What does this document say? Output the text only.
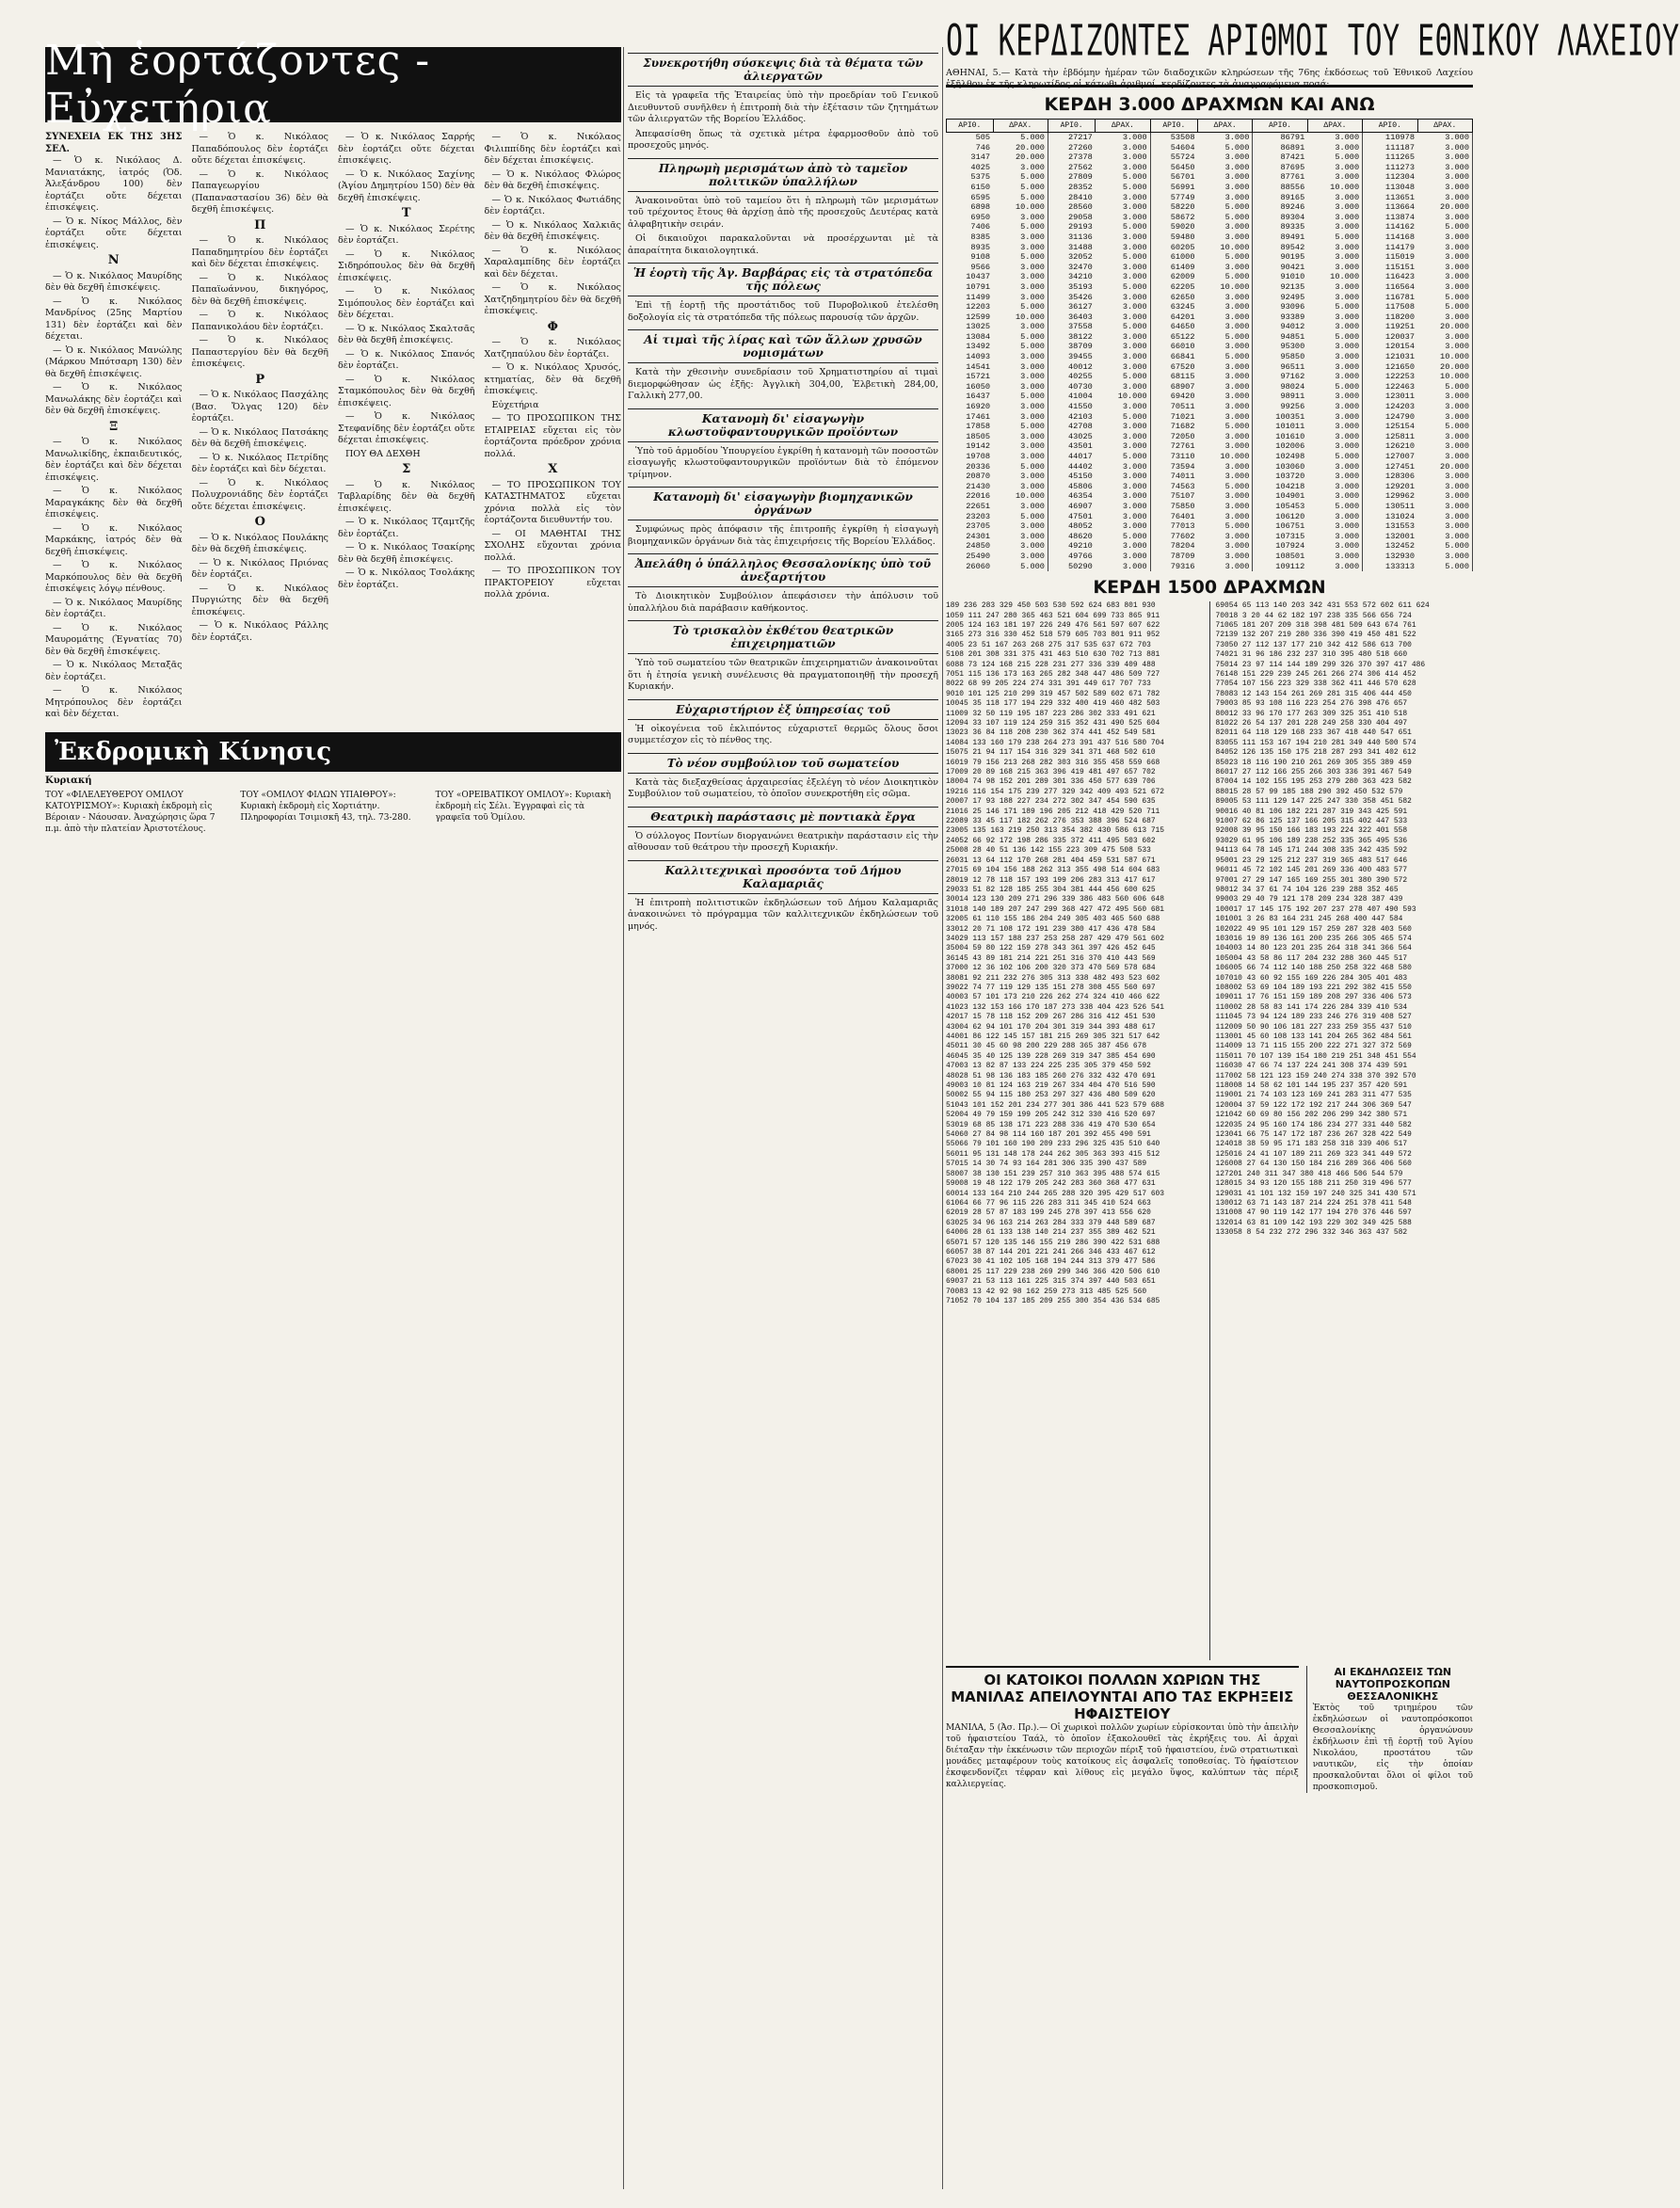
Μὴ ἑορτάζοντες - Εὐχετήρια
ΣΥΝΕΧΕΙΑ ΕΚ ΤΗΣ 3ΗΣ ΣΕΛ.

— Ὁ κ. Νικόλαος Δ. Μανιατάκης, ἰατρός (Ὁδ. Ἀλεξάνδρου 100) δὲν ἑορτάζει οὔτε δέχεται ἐπισκέψεις.

— Ὁ κ. Νίκος Μάλλος, δὲν ἑορτάζει οὔτε δέχεται ἐπισκέψεις.

Ν

— Ὁ κ. Νικόλαος Μαυρίδης δὲν θὰ δεχθῆ ἐπισκέψεις.

— Ὁ κ. Νικόλαος Μανδρίνος (25ης Μαρτίου 131) δὲν ἑορτάζει καὶ δὲν δέχεται.

— Ὁ κ. Νικόλαος Μανώλης (Μάρκου Μπότσαρη 130) δὲν θὰ δεχθῆ ἐπισκέψεις.

— Ὁ κ. Νικόλαος Μανωλάκης δὲν ἑορτάζει καὶ δὲν θὰ δεχθῆ ἐπισκέψεις.

Ξ

— Ὁ κ. Νικόλαος Μανωλικίδης, ἐκπαιδευτικός, δὲν ἑορτάζει καὶ δὲν δέχεται ἐπισκέψεις.

— Ὁ κ. Νικόλαος Μαραγκάκης δὲν θὰ δεχθῆ ἐπισκέψεις.

— Ὁ κ. Νικόλαος Μαρκάκης, ἰατρός δὲν θὰ δεχθῆ ἐπισκέψεις.

— Ὁ κ. Νικόλαος Μαρκόπουλος δὲν θὰ δεχθῆ ἐπισκέψεις λόγῳ πένθους.

— Ὁ κ. Νικόλαος Μαυρίδης δὲν ἑορτάζει.

— Ὁ κ. Νικόλαος Μαυρομάτης (Ἐγνατίας 70) δὲν θὰ δεχθῆ ἐπισκέψεις.

— Ὁ κ. Νικόλαος Μεταξᾶς δὲν ἑορτάζει.

— Ὁ κ. Νικόλαος Μητρόπουλος δὲν ἑορτάζει καὶ δὲν δέχεται.

— Ὁ κ. Νικόλαος Παπαδόπουλος δὲν ἑορτάζει οὔτε δέχεται ἐπισκέψεις.

— Ὁ κ. Νικόλαος Παπαγεωργίου (Παπαναστασίου 36) δὲν θὰ δεχθῆ ἐπισκέψεις.

Π

— Ὁ κ. Νικόλαος Παπαδημητρίου δὲν ἑορτάζει καὶ δὲν δέχεται ἐπισκέψεις.

— Ὁ κ. Νικόλαος Παπαϊωάννου, δικηγόρος, δὲν θὰ δεχθῆ ἐπισκέψεις.

— Ὁ κ. Νικόλαος Παπανικολάου δὲν ἑορτάζει.

— Ὁ κ. Νικόλαος Παπαστεργίου δὲν θὰ δεχθῆ ἐπισκέψεις.

Ρ

— Ὁ κ. Νικόλαος Πασχάλης (Βασ. Ὄλγας 120) δὲν ἑορτάζει.

— Ὁ κ. Νικόλαος Πατσάκης δὲν θὰ δεχθῆ ἐπισκέψεις.

— Ὁ κ. Νικόλαος Πετρίδης δὲν ἑορτάζει καὶ δὲν δέχεται.

— Ὁ κ. Νικόλαος Πολυχρονιάδης δὲν ἑορτάζει οὔτε δέχεται ἐπισκέψεις.

Ο

— Ὁ κ. Νικόλαος Πουλάκης δὲν θὰ δεχθῆ ἐπισκέψεις.

— Ὁ κ. Νικόλαος Πριόνας δὲν ἑορτάζει.

— Ὁ κ. Νικόλαος Πυργιώτης δὲν θὰ δεχθῆ ἐπισκέψεις.

— Ὁ κ. Νικόλαος Ράλλης δὲν ἑορτάζει.

— Ὁ κ. Νικόλαος Σαρρής δὲν ἑορτάζει οὔτε δέχεται ἐπισκέψεις.

— Ὁ κ. Νικόλαος Σαχίνης (Ἁγίου Δημητρίου 150) δὲν θὰ δεχθῆ ἐπισκέψεις.

Τ

— Ὁ κ. Νικόλαος Σερέτης δὲν ἑορτάζει.

— Ὁ κ. Νικόλαος Σιδηρόπουλος δὲν θὰ δεχθῆ ἐπισκέψεις.

— Ὁ κ. Νικόλαος Σιμόπουλος δὲν ἑορτάζει καὶ δὲν δέχεται.

— Ὁ κ. Νικόλαος Σκαλτσᾶς δὲν θὰ δεχθῆ ἐπισκέψεις.

— Ὁ κ. Νικόλαος Σπανός δὲν ἑορτάζει.

— Ὁ κ. Νικόλαος Σταμκόπουλος δὲν θὰ δεχθῆ ἐπισκέψεις.

— Ὁ κ. Νικόλαος Στεφανίδης δὲν ἑορτάζει οὔτε δέχεται ἐπισκέψεις.

ΠΟΥ ΘΑ ΔΕΧΘΗ

Σ

— Ὁ κ. Νικόλαος Ταβλαρίδης δὲν θὰ δεχθῆ ἐπισκέψεις.

— Ὁ κ. Νικόλαος Τζαμτζῆς δὲν ἑορτάζει.

— Ὁ κ. Νικόλαος Τσακίρης δὲν θὰ δεχθῆ ἐπισκέψεις.

— Ὁ κ. Νικόλαος Τσολάκης δὲν ἑορτάζει.

— Ὁ κ. Νικόλαος Φιλιππίδης δὲν ἑορτάζει καὶ δὲν δέχεται ἐπισκέψεις.

— Ὁ κ. Νικόλαος Φλώρος δὲν θὰ δεχθῆ ἐπισκέψεις.

— Ὁ κ. Νικόλαος Φωτιάδης δὲν ἑορτάζει.

— Ὁ κ. Νικόλαος Χαλκιᾶς δὲν θὰ δεχθῆ ἐπισκέψεις.

— Ὁ κ. Νικόλαος Χαραλαμπίδης δὲν ἑορτάζει καὶ δὲν δέχεται.

— Ὁ κ. Νικόλαος Χατζηδημητρίου δὲν θὰ δεχθῆ ἐπισκέψεις.

Φ

— Ὁ κ. Νικόλαος Χατζηπαύλου δὲν ἑορτάζει.

— Ὁ κ. Νικόλαος Χρυσός, κτηματίας, δὲν θὰ δεχθῆ ἐπισκέψεις.

Εὐχετήρια

— ΤΟ ΠΡΟΣΩΠΙΚΟΝ ΤΗΣ ΕΤΑΙΡΕΙΑΣ εὔχεται εἰς τὸν ἑορτάζοντα πρόεδρον χρόνια πολλά.

Χ

— ΤΟ ΠΡΟΣΩΠΙΚΟΝ ΤΟΥ ΚΑΤΑΣΤΗΜΑΤΟΣ εὔχεται χρόνια πολλὰ εἰς τὸν ἑορτάζοντα διευθυντήν του.

— ΟΙ ΜΑΘΗΤΑΙ ΤΗΣ ΣΧΟΛΗΣ εὔχονται χρόνια πολλά.

— ΤΟ ΠΡΟΣΩΠΙΚΟΝ ΤΟΥ ΠΡΑΚΤΟΡΕΙΟΥ εὔχεται πολλὰ χρόνια.

Ἐκδρομικὴ Κίνησις
Κυριακή
ΤΟΥ «ΦΙΛΕΛΕΥΘΕΡΟΥ ΟΜΙΛΟΥ ΚΑΤΟΥΡΙΣΜΟΥ»: Κυριακὴ ἐκδρομὴ εἰς Βέροιαν - Νάουσαν. Ἀναχώρησις ὥρα 7 π.μ. ἀπὸ τὴν πλατείαν Ἀριστοτέλους.
ΤΟΥ «ΟΜΙΛΟΥ ΦΙΛΩΝ ΥΠΑΙΘΡΟΥ»: Κυριακὴ ἐκδρομὴ εἰς Χορτιάτην. Πληροφορίαι Τσιμισκῆ 43, τηλ. 73-280.
ΤΟΥ «ΟΡΕΙΒΑΤΙΚΟΥ ΟΜΙΛΟΥ»: Κυριακὴ ἐκδρομὴ εἰς Σέλι. Ἐγγραφαὶ εἰς τὰ γραφεῖα τοῦ Ὁμίλου.
Συνεκροτήθη σύσκεψις διὰ τὰ θέματα τῶν ἀλιεργατῶν

Εἰς τὰ γραφεῖα τῆς Ἑταιρείας ὑπὸ τὴν προεδρίαν τοῦ Γενικοῦ Διευθυντοῦ συνῆλθεν ἡ ἐπιτροπὴ διὰ τὴν ἐξέτασιν τῶν ζητημάτων τῶν ἀλιεργατῶν τῆς Βορείου Ἑλλάδος.

Ἀπεφασίσθη ὅπως τὰ σχετικὰ μέτρα ἐφαρμοσθοῦν ἀπὸ τοῦ προσεχοῦς μηνός.

Πληρωμὴ μερισμάτων ἀπὸ τὸ ταμεῖον πολιτικῶν ὑπαλλήλων

Ἀνακοινοῦται ὑπὸ τοῦ ταμείου ὅτι ἡ πληρωμὴ τῶν μερισμάτων τοῦ τρέχοντος ἔτους θὰ ἀρχίσῃ ἀπὸ τῆς προσεχοῦς Δευτέρας κατὰ ἀλφαβητικὴν σειράν.

Οἱ δικαιοῦχοι παρακαλοῦνται νὰ προσέρχωνται μὲ τὰ ἀπαραίτητα δικαιολογητικά.

Ἡ ἑορτὴ τῆς Ἁγ. Βαρβάρας εἰς τὰ στρατόπεδα τῆς πόλεως

Ἐπὶ τῇ ἑορτῇ τῆς προστάτιδος τοῦ Πυροβολικοῦ ἐτελέσθη δοξολογία εἰς τὰ στρατόπεδα τῆς πόλεως παρουσίᾳ τῶν ἀρχῶν.

Αἱ τιμαὶ τῆς λίρας καὶ τῶν ἄλλων χρυσῶν νομισμάτων

Κατὰ τὴν χθεσινὴν συνεδρίασιν τοῦ Χρηματιστηρίου αἱ τιμαὶ διεμορφώθησαν ὡς ἑξῆς: Ἀγγλικὴ 304,00, Ἐλβετικὴ 284,00, Γαλλικὴ 277,00.

Κατανομὴ δι' εἰσαγωγὴν κλωστοϋφαντουργικῶν προϊόντων

Ὑπὸ τοῦ ἁρμοδίου Ὑπουργείου ἐγκρίθη ἡ κατανομὴ τῶν ποσοστῶν εἰσαγωγῆς κλωστοϋφαντουργικῶν προϊόντων διὰ τὸ ἑπόμενον τρίμηνον.

Κατανομὴ δι' εἰσαγωγὴν βιομηχανικῶν ὀργάνων

Συμφώνως πρὸς ἀπόφασιν τῆς ἐπιτροπῆς ἐγκρίθη ἡ εἰσαγωγὴ βιομηχανικῶν ὀργάνων διὰ τὰς ἐπιχειρήσεις τῆς Βορείου Ἑλλάδος.

Ἀπελάθη ὁ ὑπάλληλος Θεσσαλονίκης ὑπὸ τοῦ ἀνεξαρτήτου

Τὸ Διοικητικὸν Συμβούλιον ἀπεφάσισεν τὴν ἀπόλυσιν τοῦ ὑπαλλήλου διὰ παράβασιν καθήκοντος.

Τὸ τρισκαλὸν ἐκθέτου θεατρικῶν ἐπιχειρηματιῶν

Ὑπὸ τοῦ σωματείου τῶν θεατρικῶν ἐπιχειρηματιῶν ἀνακοινοῦται ὅτι ἡ ἐτησία γενικὴ συνέλευσις θὰ πραγματοποιηθῇ τὴν προσεχῆ Κυριακήν.

Εὐχαριστήριον ἐξ ὑπηρεσίας τοῦ

Ἡ οἰκογένεια τοῦ ἐκλιπόντος εὐχαριστεῖ θερμῶς ὅλους ὅσοι συμμετέσχον εἰς τὸ πένθος της.

Τὸ νέον συμβούλιον τοῦ σωματείου

Κατὰ τὰς διεξαχθείσας ἀρχαιρεσίας ἐξελέγη τὸ νέον Διοικητικὸν Συμβούλιον τοῦ σωματείου, τὸ ὁποῖον συνεκροτήθη εἰς σῶμα.

Θεατρικὴ παράστασις μὲ ποντιακὰ ἔργα

Ὁ σύλλογος Ποντίων διοργανώνει θεατρικὴν παράστασιν εἰς τὴν αἴθουσαν τοῦ θεάτρου τὴν προσεχῆ Κυριακήν.

Καλλιτεχνικαὶ προσόντα τοῦ Δήμου Καλαμαριᾶς

Ἡ ἐπιτροπὴ πολιτιστικῶν ἐκδηλώσεων τοῦ Δήμου Καλαμαριᾶς ἀνακοινώνει τὸ πρόγραμμα τῶν καλλιτεχνικῶν ἐκδηλώσεων τοῦ μηνός.

ΟΙ ΚΕΡΔΙΖΟΝΤΕΣ ΑΡΙΘΜΟΙ ΤΟΥ ΕΘΝΙΚΟΥ ΛΑΧΕΙΟΥ
ΑΘΗΝΑΙ, 5.— Κατὰ τὴν ἑβδόμην ἡμέραν τῶν διαδοχικῶν κληρώσεων τῆς 76ης ἐκδόσεως τοῦ Ἐθνικοῦ Λαχείου ἐξῆλθον ἐκ τῆς κληρωτίδος οἱ κάτωθι ἀριθμοί, κερδίζοντες τὰ ἀναγραφόμενα ποσά:
ΚΕΡΔΗ 3.000 ΔΡΑΧΜΩΝ ΚΑΙ ΑΝΩ
ΑΡΙΘ.	ΔΡΑΧ.	ΑΡΙΘ.	ΔΡΑΧ.	ΑΡΙΘ.	ΔΡΑΧ.	ΑΡΙΘ.	ΔΡΑΧ.	ΑΡΙΘ.	ΔΡΑΧ.
505	5.000	27217	3.000	53508	3.000	86791	3.000	110978	3.000
746	20.000	27260	3.000	54604	5.000	86891	3.000	111187	3.000
3147	20.000	27378	3.000	55724	3.000	87421	5.000	111265	3.000
4025	3.000	27562	3.000	56450	3.000	87695	3.000	111273	3.000
5375	5.000	27809	5.000	56701	3.000	87761	3.000	112304	3.000
6150	5.000	28352	5.000	56991	3.000	88556	10.000	113048	3.000
6595	5.000	28410	3.000	57749	3.000	89165	3.000	113651	3.000
6898	10.000	28560	3.000	58220	5.000	89246	3.000	113664	20.000
6950	3.000	29058	3.000	58672	5.000	89304	3.000	113874	3.000
7406	5.000	29193	5.000	59020	3.000	89335	3.000	114162	5.000
8385	3.000	31136	3.000	59480	3.000	89491	5.000	114168	3.000
8935	3.000	31488	3.000	60205	10.000	89542	3.000	114179	3.000
9108	5.000	32052	5.000	61000	5.000	90195	3.000	115019	3.000
9566	3.000	32470	3.000	61409	3.000	90421	3.000	115151	3.000
10437	3.000	34210	3.000	62009	5.000	91010	10.000	116423	3.000
10791	3.000	35193	5.000	62205	10.000	92135	3.000	116564	3.000
11499	3.000	35426	3.000	62650	3.000	92495	3.000	116781	5.000
12203	5.000	36127	3.000	63245	3.000	93096	5.000	117508	5.000
12599	10.000	36403	3.000	64201	3.000	93389	3.000	118200	3.000
13025	3.000	37558	5.000	64650	3.000	94012	3.000	119251	20.000
13084	5.000	38122	3.000	65122	5.000	94851	5.000	120037	3.000
13492	5.000	38709	3.000	66010	3.000	95300	3.000	120154	3.000
14093	3.000	39455	3.000	66841	5.000	95850	3.000	121031	10.000
14541	3.000	40012	3.000	67520	3.000	96511	3.000	121650	20.000
15721	3.000	40255	5.000	68115	3.000	97162	3.000	122253	10.000
16050	3.000	40730	3.000	68907	3.000	98024	5.000	122463	5.000
16437	5.000	41004	10.000	69420	3.000	98911	3.000	123011	3.000
16920	3.000	41550	3.000	70511	3.000	99256	3.000	124203	3.000
17461	3.000	42103	5.000	71021	3.000	100351	3.000	124790	3.000
17858	5.000	42708	3.000	71682	5.000	101011	3.000	125154	5.000
18505	3.000	43025	3.000	72050	3.000	101610	3.000	125811	3.000
19142	3.000	43501	3.000	72761	3.000	102006	3.000	126210	3.000
19708	3.000	44017	5.000	73110	10.000	102498	5.000	127007	3.000
20336	5.000	44402	3.000	73594	3.000	103060	3.000	127451	20.000
20870	3.000	45150	3.000	74011	3.000	103720	3.000	128306	3.000
21430	3.000	45806	3.000	74563	5.000	104218	3.000	129201	3.000
22016	10.000	46354	3.000	75107	3.000	104901	3.000	129962	3.000
22651	3.000	46907	3.000	75850	3.000	105453	5.000	130511	3.000
23203	5.000	47501	3.000	76401	3.000	106120	3.000	131024	3.000
23705	3.000	48052	3.000	77013	5.000	106751	3.000	131553	3.000
24301	3.000	48620	5.000	77602	3.000	107315	3.000	132001	3.000
24850	3.000	49210	3.000	78204	3.000	107924	3.000	132452	5.000
25490	3.000	49766	3.000	78709	3.000	108501	3.000	132930	3.000
26060	5.000	50290	3.000	79316	3.000	109112	3.000	133313	5.000
ΚΕΡΔΗ 1500 ΔΡΑΧΜΩΝ
189 236 283 329 450 503 530 592 624 683 801 930
1059 111 247 280 365 463 521 604 699 733 865 911
2005 124 163 181 197 226 249 476 561 597 607 622
3165 273 316 330 452 518 579 605 703 801 911 952
4005 23 51 167 263 268 275 317 535 637 672 703
5108 201 308 331 375 431 463 510 630 702 713 881
6088 73 124 168 215 228 231 277 336 339 409 488
7051 115 136 173 163 265 282 348 447 486 509 727
8022 68 99 205 224 274 331 391 449 617 707 733
9010 101 125 210 299 319 457 502 589 602 671 782
10045 35 118 177 194 229 332 400 419 460 482 503
11009 32 50 119 195 187 223 286 302 333 491 621
12094 33 107 119 124 259 315 352 431 490 525 604
13023 36 84 118 208 230 362 374 441 452 549 581
14084 133 160 179 238 264 273 391 437 516 580 704
15075 21 94 117 154 316 329 341 371 468 502 610
16019 79 156 213 268 282 303 316 355 458 559 668
17009 20 89 168 215 363 396 419 481 497 657 702
18004 74 98 152 201 289 301 336 450 577 639 706
19216 116 154 175 239 277 329 342 409 493 521 672
20007 17 93 188 227 234 272 302 347 454 590 635
21016 25 146 171 189 196 205 212 418 429 520 711
22089 33 45 117 182 262 276 353 388 396 524 687
23005 135 163 219 250 313 354 382 430 586 613 715
24052 66 92 172 198 286 335 372 411 495 503 602
25008 28 40 51 136 142 155 223 309 475 508 533
26031 13 64 112 170 268 281 404 459 531 587 671
27015 69 104 156 188 262 313 355 498 514 604 683
28019 12 78 118 157 193 199 206 283 313 417 617
29033 51 82 128 185 255 304 381 444 456 600 625
30014 123 130 209 271 296 339 386 483 560 606 648
31018 140 189 207 247 299 368 427 472 495 560 681
32005 61 110 155 186 204 249 305 403 465 560 688
33012 20 71 108 172 191 239 380 417 436 478 584
34029 113 157 188 237 253 258 287 429 479 561 602
35004 59 80 122 159 278 343 361 397 426 452 645
36145 43 89 181 214 221 251 316 370 410 443 569
37000 12 36 102 106 200 320 373 470 569 578 684
38081 92 211 232 276 305 313 338 482 493 523 602
39022 74 77 119 129 135 151 278 308 455 560 697
40003 57 101 173 210 226 262 274 324 410 466 622
41023 132 153 166 170 187 273 338 404 423 526 541
42017 15 78 118 152 209 267 286 316 412 451 530
43004 62 94 101 170 204 301 319 344 393 488 617
44001 86 122 145 157 181 215 269 305 321 517 642
45011 30 45 60 98 200 229 288 365 387 456 678
46045 35 40 125 139 228 269 319 347 385 454 690
47003 13 82 87 133 224 225 235 305 379 450 592
48028 51 98 136 183 185 260 276 332 432 470 691
49003 10 81 124 163 219 267 334 404 470 516 590
50002 55 94 115 180 253 297 327 436 480 509 620
51043 101 152 201 234 277 301 386 441 523 579 688
52004 49 79 159 199 205 242 312 330 416 520 697
53019 68 85 138 171 223 288 336 419 470 530 654
54060 27 84 98 114 160 187 201 392 455 490 591
55066 79 101 160 190 209 233 296 325 435 510 640
56011 95 131 148 178 244 262 305 363 393 415 512
57015 14 30 74 93 164 281 306 335 390 437 589
58007 38 130 151 239 257 310 363 395 488 574 615
59008 19 48 122 179 205 242 283 360 368 477 631
60014 133 164 210 244 265 288 320 395 429 517 603
61064 66 77 96 115 226 283 311 345 410 524 663
62019 28 57 87 183 199 245 278 397 413 556 620
63025 34 96 163 214 263 284 333 379 448 589 687
64006 28 61 133 138 140 214 237 355 389 462 521
65071 57 120 135 146 155 219 286 390 422 531 688
66057 38 87 144 201 221 241 266 346 433 467 612
67023 30 41 102 105 168 194 244 313 379 477 586
68001 25 117 229 238 269 299 346 366 420 506 610
69037 21 53 113 161 225 315 374 397 440 503 651
70083 13 42 92 98 162 259 273 313 485 525 560
71052 70 104 137 185 209 255 300 354 436 534 685
69054 65 113 140 203 342 431 553 572 602 611 624
70018 3 20 44 62 182 197 238 335 566 656 724
71065 181 207 209 318 398 481 509 643 674 761
72139 132 207 219 280 336 390 419 450 481 522
73050 27 112 137 177 210 342 412 586 613 700
74021 31 96 186 232 237 310 395 480 518 660
75014 23 97 114 144 189 299 326 370 397 417 486
76148 151 229 239 245 261 266 274 306 414 452
77054 107 156 223 329 338 362 411 446 570 628
78083 12 143 154 261 269 281 315 406 444 450
79003 85 93 108 116 223 254 276 398 476 657
80012 33 96 170 177 263 309 325 351 410 518
81022 26 54 137 201 228 249 258 330 404 497
82011 64 118 129 168 233 367 418 440 547 651
83055 111 153 167 194 210 281 349 440 500 574
84052 126 135 150 175 218 287 293 341 402 612
85023 18 116 190 210 261 269 305 355 389 459
86017 27 112 166 255 266 303 336 391 467 549
87004 14 102 155 195 253 279 280 363 423 582
88015 28 57 99 185 188 290 392 450 532 579
89005 53 111 129 147 225 247 330 358 451 582
90016 40 81 106 182 221 287 319 343 425 591
91007 62 86 125 137 166 205 315 402 447 533
92008 39 95 150 166 183 193 224 322 401 558
93029 61 95 106 189 238 252 335 365 495 536
94113 64 78 145 171 244 308 335 342 435 592
95001 23 29 125 212 237 319 365 483 517 646
96011 45 72 102 145 201 269 336 400 483 577
97001 27 29 147 165 169 255 301 380 390 572
98012 34 37 61 74 104 126 239 288 352 465
99003 29 40 79 121 178 209 234 328 387 439
100017 17 145 175 192 207 237 278 407 490 593
101001 3 26 83 164 231 245 268 400 447 584
102022 49 95 101 129 157 259 287 328 403 560
103016 19 89 136 161 200 235 266 305 465 574
104003 14 80 123 201 235 264 318 341 366 564
105004 43 58 86 117 204 232 288 360 445 517
106005 66 74 112 140 188 250 258 322 468 580
107010 43 60 92 155 169 226 284 305 401 483
108002 53 69 104 189 193 221 292 382 415 550
109011 17 76 151 159 189 208 297 336 406 573
110002 28 58 83 141 174 226 284 339 410 534
111045 73 94 124 189 233 246 276 319 408 527
112009 50 90 106 181 227 233 259 355 437 510
113001 45 60 108 133 141 204 265 362 484 561
114009 13 71 115 155 200 222 271 327 372 569
115011 70 107 139 154 180 219 251 348 451 554
116030 47 66 74 137 224 241 308 374 439 591
117002 58 121 123 159 240 274 338 370 392 570
118008 14 58 62 101 144 195 237 357 420 591
119001 21 74 103 123 169 241 283 311 477 535
120004 37 59 122 172 192 217 244 306 369 547
121042 60 69 80 156 202 206 299 342 380 571
122035 24 95 160 174 186 234 277 331 440 582
123041 66 75 147 172 187 236 267 328 422 549
124018 38 59 95 171 183 258 318 339 406 517
125016 24 41 107 189 211 269 323 341 449 572
126008 27 64 130 150 184 216 289 366 406 560
127201 240 311 347 380 418 466 506 544 579
128015 34 93 120 155 188 211 250 319 496 577
129031 41 101 132 159 197 240 325 341 430 571
130012 63 71 143 187 214 224 251 378 411 548
131008 47 90 119 142 177 194 270 376 446 597
132014 63 81 109 142 193 229 302 349 425 588
133058 8 54 232 272 296 332 346 363 437 582
ΟΙ ΚΑΤΟΙΚΟΙ ΠΟΛΛΩΝ ΧΩΡΙΩΝ ΤΗΣ ΜΑΝΙΛΑΣ ΑΠΕΙΛΟΥΝΤΑΙ ΑΠΟ ΤΑΣ ΕΚΡΗΞΕΙΣ ΗΦΑΙΣΤΕΙΟΥ
ΜΑΝΙΛΑ, 5 (Ἀσ. Πρ.).— Οἱ χωρικοὶ πολλῶν χωρίων εὑρίσκονται ὑπὸ τὴν ἀπειλὴν τοῦ ἡφαιστείου Ταάλ, τὸ ὁποῖον ἐξακολουθεῖ τὰς ἐκρήξεις του. Αἱ ἀρχαὶ διέταξαν τὴν ἐκκένωσιν τῶν περιοχῶν πέριξ τοῦ ἡφαιστείου, ἐνῶ στρατιωτικαὶ μονάδες μεταφέρουν τοὺς κατοίκους εἰς ἀσφαλεῖς τοποθεσίας. Τὸ ἡφαίστειον ἐκσφενδονίζει τέφραν καὶ λίθους εἰς μεγάλο ὕψος, καλύπτων τὰς πέριξ καλλιεργείας.
ΑΙ ΕΚΔΗΛΩΣΕΙΣ ΤΩΝ ΝΑΥΤΟΠΡΟΣΚΟΠΩΝ ΘΕΣΣΑΛΟΝΙΚΗΣ
Ἐκτὸς τοῦ τριημέρου τῶν ἐκδηλώσεων οἱ ναυτοπρόσκοποι Θεσσαλονίκης ὀργανώνουν ἐκδήλωσιν ἐπὶ τῇ ἑορτῇ τοῦ Ἁγίου Νικολάου, προστάτου τῶν ναυτικῶν, εἰς τὴν ὁποίαν προσκαλοῦνται ὅλοι οἱ φίλοι τοῦ προσκοπισμοῦ.
